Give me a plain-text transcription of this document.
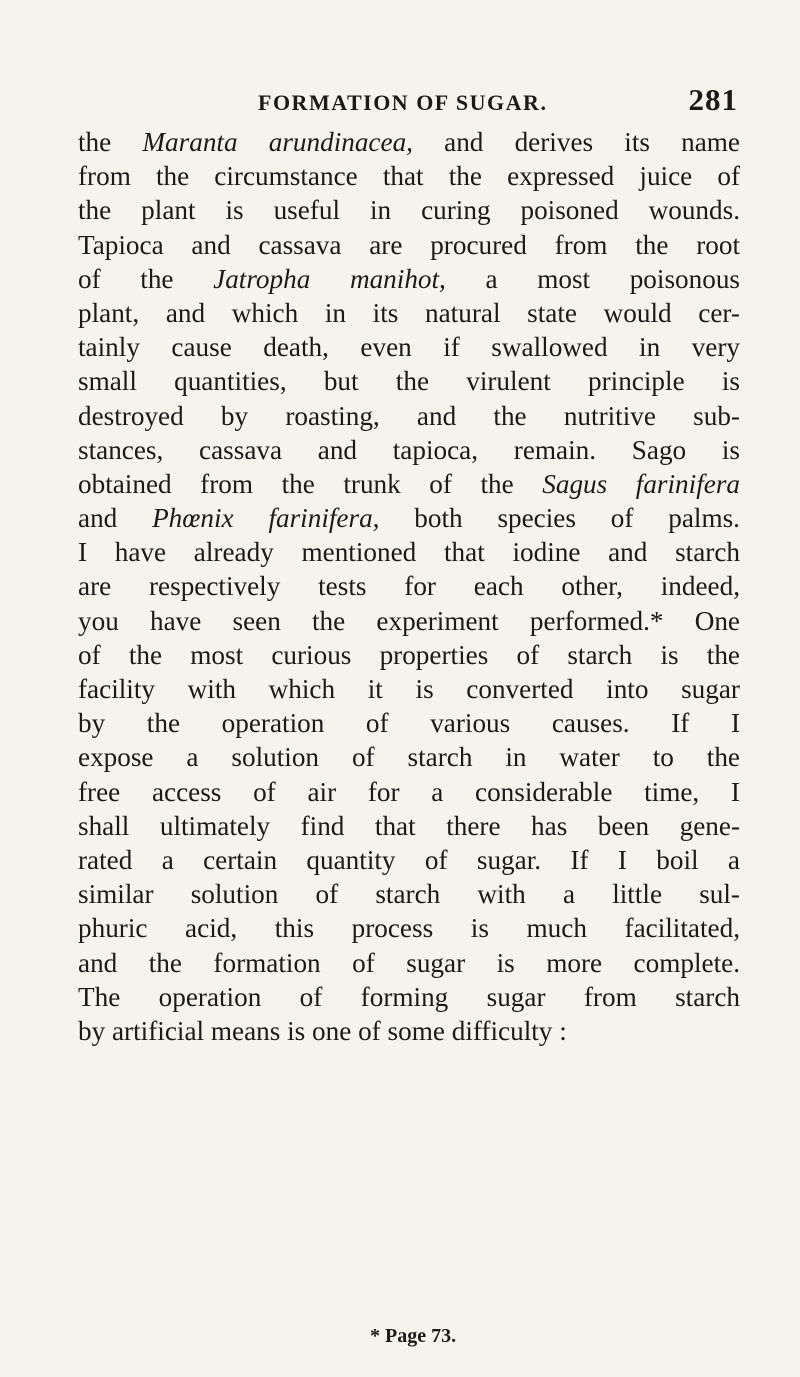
FORMATION OF SUGAR.	281
the Maranta arundinacea, and derives its name
from the circumstance that the expressed juice of
the plant is useful in curing poisoned wounds.
Tapioca and cassava are procured from the root
of the Jatropha manihot, a most poisonous
plant, and which in its natural state would cer-
tainly cause death, even if swallowed in very
small quantities, but the virulent principle is
destroyed by roasting, and the nutritive sub-
stances, cassava and tapioca, remain. Sago is
obtained from the trunk of the Sagus farinifera
and Phœnix farinifera, both species of palms.
I have already mentioned that iodine and starch
are respectively tests for each other, indeed,
you have seen the experiment performed.* One
of the most curious properties of starch is the
facility with which it is converted into sugar
by the operation of various causes. If I
expose a solution of starch in water to the
free access of air for a considerable time, I
shall ultimately find that there has been gene-
rated a certain quantity of sugar. If I boil a
similar solution of starch with a little sul-
phuric acid, this process is much facilitated,
and the formation of sugar is more complete.
The operation of forming sugar from starch
by artificial means is one of some difficulty :
* Page 73.
